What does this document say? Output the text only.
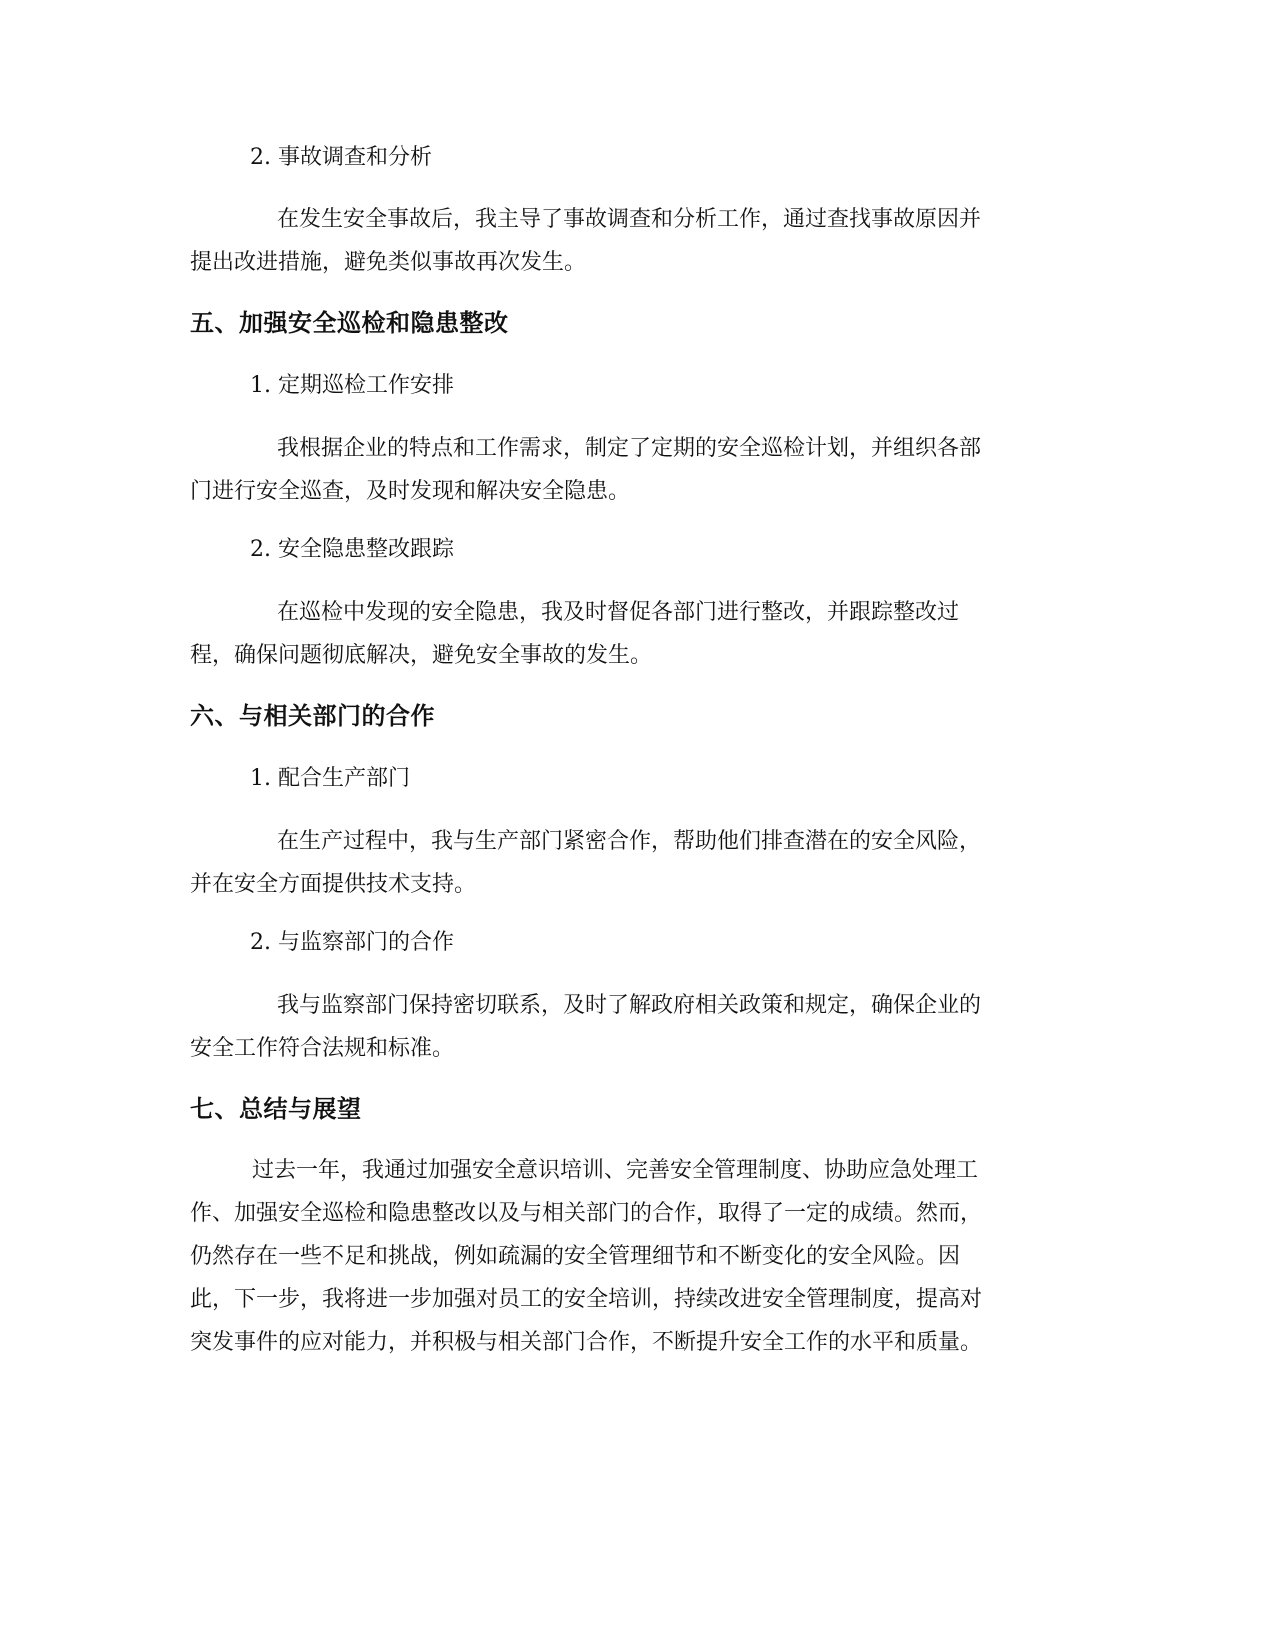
2. 事故调查和分析
在发生安全事故后，我主导了事故调查和分析工作，通过查找事故原因并
提出改进措施，避免类似事故再次发生。
五、加强安全巡检和隐患整改
1. 定期巡检工作安排
我根据企业的特点和工作需求，制定了定期的安全巡检计划，并组织各部
门进行安全巡查，及时发现和解决安全隐患。
2. 安全隐患整改跟踪
在巡检中发现的安全隐患，我及时督促各部门进行整改，并跟踪整改过
程，确保问题彻底解决，避免安全事故的发生。
六、与相关部门的合作
1. 配合生产部门
在生产过程中，我与生产部门紧密合作，帮助他们排查潜在的安全风险，
并在安全方面提供技术支持。
2. 与监察部门的合作
我与监察部门保持密切联系，及时了解政府相关政策和规定，确保企业的
安全工作符合法规和标准。
七、总结与展望
过去一年，我通过加强安全意识培训、完善安全管理制度、协助应急处理工
作、加强安全巡检和隐患整改以及与相关部门的合作，取得了一定的成绩。然而，
仍然存在一些不足和挑战，例如疏漏的安全管理细节和不断变化的安全风险。因
此，下一步，我将进一步加强对员工的安全培训，持续改进安全管理制度，提高对
突发事件的应对能力，并积极与相关部门合作，不断提升安全工作的水平和质量。
